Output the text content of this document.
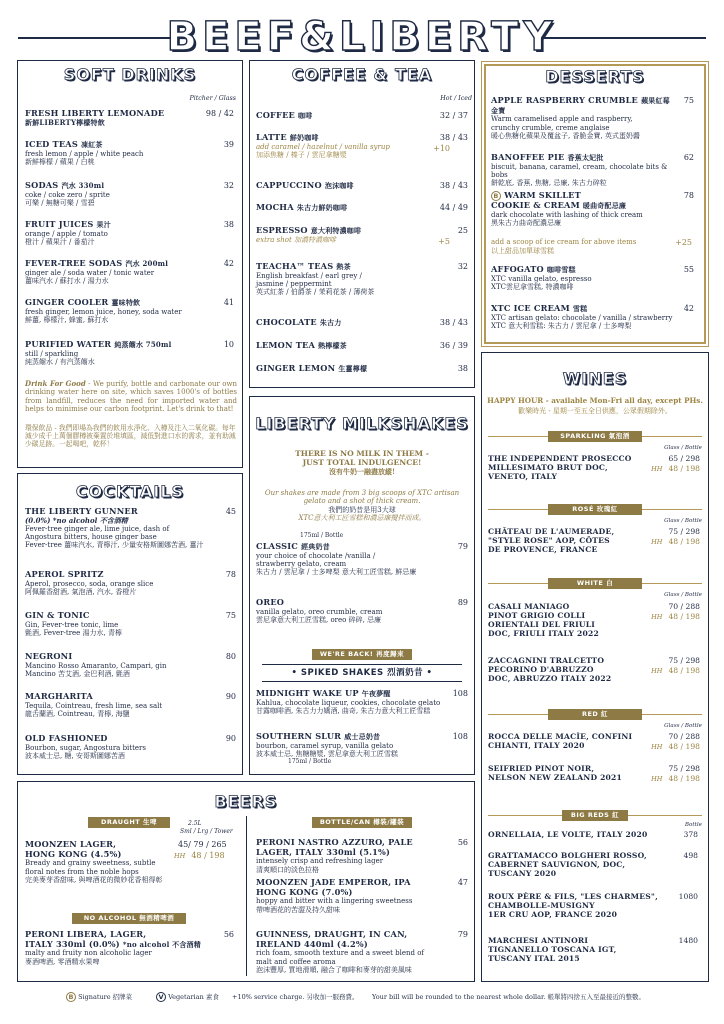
BEEF&LIBERTY
SOFT DRINKS
Pitcher / Glass
FRESH LIBERTY LEMONADE
新鮮LIBERTY檸檬特飲
98 / 42
ICED TEAS 凍紅茶
fresh lemon / apple / white peach
新鮮檸檬 / 蘋果 / 白桃
39
SODAS 汽水 330ml
coke / coke zero / sprite
可樂 / 無糖可樂 / 雪碧
32
FRUIT JUICES 果汁
orange / apple / tomato
橙汁 / 蘋果汁 / 番茄汁
38
FEVER-TREE SODAS 汽水 200ml
ginger ale / soda water / tonic water
薑味汽水 / 蘇打水 / 湯力水
42
GINGER COOLER 薑味特飲
fresh ginger, lemon juice, honey, soda water
鮮薑, 檸檬汁, 蜂蜜, 蘇打水
41
PURIFIED WATER 純蒸餾水 750ml
still / sparkling
純蒸餾水 / 有汽蒸餾水
10
Drink For Good - We purify, bottle and carbonate our own drinking water here on site, which saves 1000's of bottles from landfill, reduces the need for imported water and helps to minimise our carbon footprint. Let's drink to that!
環保飲品 - 我們即場為我們的飲用水淨化、入樽及注入二氧化碳。每年減少成千上萬個膠樽被棄置於堆填區，減低對進口水的需求，並有助減少碳足跡。一起喝吧，乾杯！
COCKTAILS
THE LIBERTY GUNNER
(0.0%) *no alcohol 不含酒精
Fever-tree ginger ale, lime juice, dash of
Angostura bitters, house ginger base
Fever-tree 薑味汽水, 青檸汁, 少量安格斯圖娜苦酒, 薑汁
45
APEROL SPRITZ
Aperol, prosecco, soda, orange slice
阿佩羅香甜酒, 氣泡酒, 汽水, 香橙片
78
GIN & TONIC
Gin, Fever-tree tonic, lime
氈酒, Fever-tree 湯力水, 青檸
75
NEGRONI
Mancino Rosso Amaranto, Campari, gin
Mancino 苦艾酒, 金巴利酒, 氈酒
80
MARGHARITA
Tequila, Cointreau, fresh lime, sea salt
龍舌蘭酒, Cointreau, 青檸, 海鹽
90
OLD FASHIONED
Bourbon, sugar, Angostura bitters
波本威士忌, 糖, 安哥斯圖娜苦酒
90
COFFEE & TEA
Hot / Iced
COFFEE 咖啡	32 / 37
LATTE 鮮奶咖啡
add caramel / hazelnut / vanilla syrup
加添焦糖 / 榛子 / 雲尼拿糖漿
38 / 43
+10
CAPPUCCINO 泡沫咖啡	38 / 43
MOCHA 朱古力鮮奶咖啡	44 / 49
ESPRESSO 意大利特濃咖啡
extra shot 加濃特濃咖啡
25
+5
TEACHA™ TEAS 熱茶
English breakfast / earl grey /
jasmine / peppermint
英式紅茶 / 伯爵茶 / 茉莉花茶 / 薄荷茶
32
CHOCOLATE 朱古力	38 / 43
LEMON TEA 熱檸檬茶	36 / 39
GINGER LEMON 生薑檸檬	38
LIBERTY MILKSHAKES
THERE IS NO MILK IN THEM -
JUST TOTAL INDULGENCE!
沒有牛奶一融盡放縱!
Our shakes are made from 3 big scoops of XTC artisan
gelato and a shot of thick cream.
我們的奶昔是用3大球
XTC意大利工匠雪糕和濃忌廉攪拌而成。
175ml / Bottle
CLASSIC 經典奶昔
your choice of chocolate /vanilla /
strawberry gelato, cream
朱古力 / 雲尼拿 / 士多啤梨 意大利工匠雪糕, 鮮忌廉
79
OREO
vanilla gelato, oreo crumble, cream
雲尼拿意大利工匠雪糕, oreo 碎碎, 忌廉
89
WE'RE BACK! 再度歸來
• SPIKED SHAKES 烈酒奶昔 •
MIDNIGHT WAKE UP 午夜夢醒
Kahlua, chocolate liqueur, cookies, chocolate gelato
甘露咖啡酒, 朱古力力嬌酒, 曲奇, 朱古力意大利工匠雪糕
108
SOUTHERN SLUR 威士忌奶昔
bourbon, caramel syrup, vanilla gelato
波本威士忌, 焦糖糖漿, 雲尼拿意大利工匠雪糕
175ml / Bottle
108
DESSERTS
APPLE RASPBERRY CRUMBLE 蘋果紅莓金寶
Warm caramelised apple and raspberry,
crunchy crumble, creme anglaise
暖心焦糖化蘋果及覆盆子, 香脆金寶, 英式蛋奶醬
75
BANOFFEE PIE 香蕉太妃批
biscuit, banana, caramel, cream, chocolate bits & bobs
餅乾底, 香蕉, 焦糖, 忌廉, 朱古力碎粒
62
B WARM SKILLET
COOKIE & CREAM 暖曲奇配忌廉
dark chocolate with lashing of thick cream
黑朱古力曲奇配濃忌廉
78
add a scoop of ice cream for above items
以上甜品加單球雪糕
+25
AFFOGATO 咖啡雪糕
XTC vanilla gelato, espresso
XTC雲尼拿雪糕, 特濃咖啡
55
XTC ICE CREAM 雪糕
XTC artisan gelato: chocolate / vanilla / strawberry
XTC 意大利雪糕: 朱古力 / 雲尼拿 / 士多啤梨
42
WINES
HAPPY HOUR - available Mon-Fri all day, except PHs.
歡樂時光 - 星期一至五全日供應，公眾假期除外。
SPARKLING 氣泡酒
Glass / Bottle
THE INDEPENDENT PROSECCO
MILLESIMATO BRUT DOC,
VENETO, ITALY
65 / 298
HH 48 / 198
ROSÉ 玫瑰紅
Glass / Bottle
CHÂTEAU DE L'AUMERADE,
"STYLE ROSE" AOP, CÔTES
DE PROVENCE, FRANCE
75 / 298
HH 48 / 198
WHITE 白
Glass / Bottle
CASALI MANIAGO
PINOT GRIGIO COLLI
ORIENTALI DEL FRIULI
DOC, FRIULI ITALY 2022
70 / 288
HH 48 / 198
ZACCAGNINI TRALCETTO
PECORINO D'ABRUZZO
DOC, ABRUZZO ITALY 2022
75 / 298
HH 48 / 198
RED 紅
Glass / Bottle
ROCCA DELLE MACÌE, CONFINI
CHIANTI, ITALY 2020
70 / 288
HH 48 / 198
SEIFRIED PINOT NOIR,
NELSON NEW ZEALAND 2021
75 / 298
HH 48 / 198
BIG REDS 紅
Bottle
ORNELLAIA, LE VOLTE, ITALY 2020	378
GRATTAMACCO BOLGHERI ROSSO,
CABERNET SAUVIGNON, DOC,
TUSCANY 2020
498
ROUX PÈRE & FILS, "LES CHARMES",
CHAMBOLLE-MUSIGNY
1ER CRU AOP, FRANCE 2020
1080
MARCHESI ANTINORI
TIGNANELLO TOSCANA IGT,
TUSCANY ITAL 2015
1480
BEERS
DRAUGHT 生啤	2.5L
Sml / Lrg / Tower
BOTTLE/CAN 樽裝/罐裝
NO ALCOHOL 無酒精啤酒
MOONZEN LAGER,
HONG KONG (4.5%)
Bready and grainy sweetness, subtle
floral notes from the noble hops
完美麥芽香甜味, 與啤酒花的微妙花香相得彰
45/ 79 / 265
HH 48 / 198
PERONI LIBERA, LAGER,
ITALY 330ml (0.0%) *no alcohol 不含酒精
malty and fruity non alcoholic lager
麥酒啤酒, 零酒精水果啤
56
PERONI NASTRO AZZURO, PALE
LAGER, ITALY 330ml (5.1%)
intensely crisp and refreshing lager
清爽順口的淡色拉格
56
MOONZEN JADE EMPEROR, IPA
HONG KONG (7.0%)
hoppy and bitter with a lingering sweetness
帶啤酒花的苦澀及持久甜味
47
GUINNESS, DRAUGHT, IN CAN,
IRELAND 440ml (4.2%)
rich foam, smooth texture and a sweet blend of
malt and coffee aroma
泡沫豐厚, 質地滑順, 融合了咖啡和麥芽的甜美風味
79
B Signature 招牌菜	V Vegetarian 素食 +10% service charge. 另收加一服務費。 Your bill will be rounded to the nearest whole dollar. 帳單將四捨五入至最接近的整數。
